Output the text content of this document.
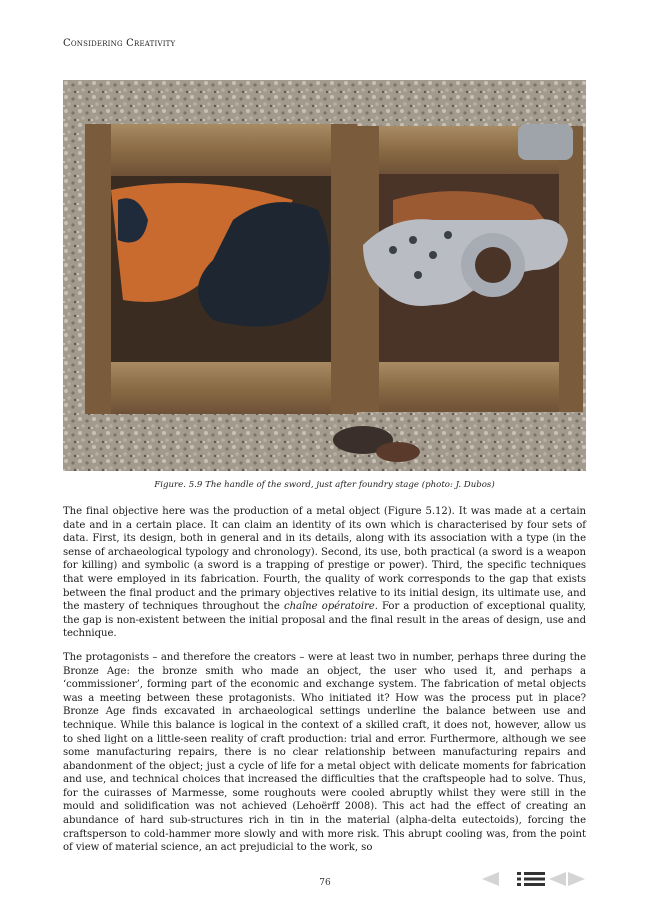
Considering Creativity
Figure. 5.9 The handle of the sword, just after foundry stage (photo: J. Dubos)

The final objective here was the production of a metal object (Figure 5.12). It was made at a certain date and in a certain place. It can claim an identity of its own which is characterised by four sets of data. First, its design, both in general and in its details, along with its association with a type (in the sense of archaeological typology and chronology). Second, its use, both practical (a sword is a weapon for killing) and symbolic (a sword is a trapping of prestige or power). Third, the specific techniques that were employed in its fabrication. Fourth, the quality of work corresponds to the gap that exists between the final product and the primary objectives relative to its initial design, its ultimate use, and the mastery of techniques throughout the chaîne opératoire. For a production of exceptional quality, the gap is non-existent between the initial proposal and the final result in the areas of design, use and technique.

The protagonists – and therefore the creators – were at least two in number, perhaps three during the Bronze Age: the bronze smith who made an object, the user who used it, and perhaps a ‘commissioner’, forming part of the economic and exchange system. The fabrication of metal objects was a meeting between these protagonists. Who initiated it? How was the process put in place? Bronze Age finds excavated in archaeological settings underline the balance between use and technique. While this balance is logical in the context of a skilled craft, it does not, however, allow us to shed light on a little-seen reality of craft production: trial and error. Furthermore, although we see some manufacturing repairs, there is no clear relationship between manufacturing repairs and abandonment of the object; just a cycle of life for a metal object with delicate moments for fabrication and use, and technical choices that increased the difficulties that the craftspeople had to solve. Thus, for the cuirasses of Marmesse, some roughouts were cooled abruptly whilst they were still in the mould and solidification was not achieved (Lehoërff 2008). This act had the effect of creating an abundance of hard sub-structures rich in tin in the material (alpha-delta eutectoids), forcing the craftsperson to cold-hammer more slowly and with more risk. This abrupt cooling was, from the point of view of material science, an act prejudicial to the work, so

76
